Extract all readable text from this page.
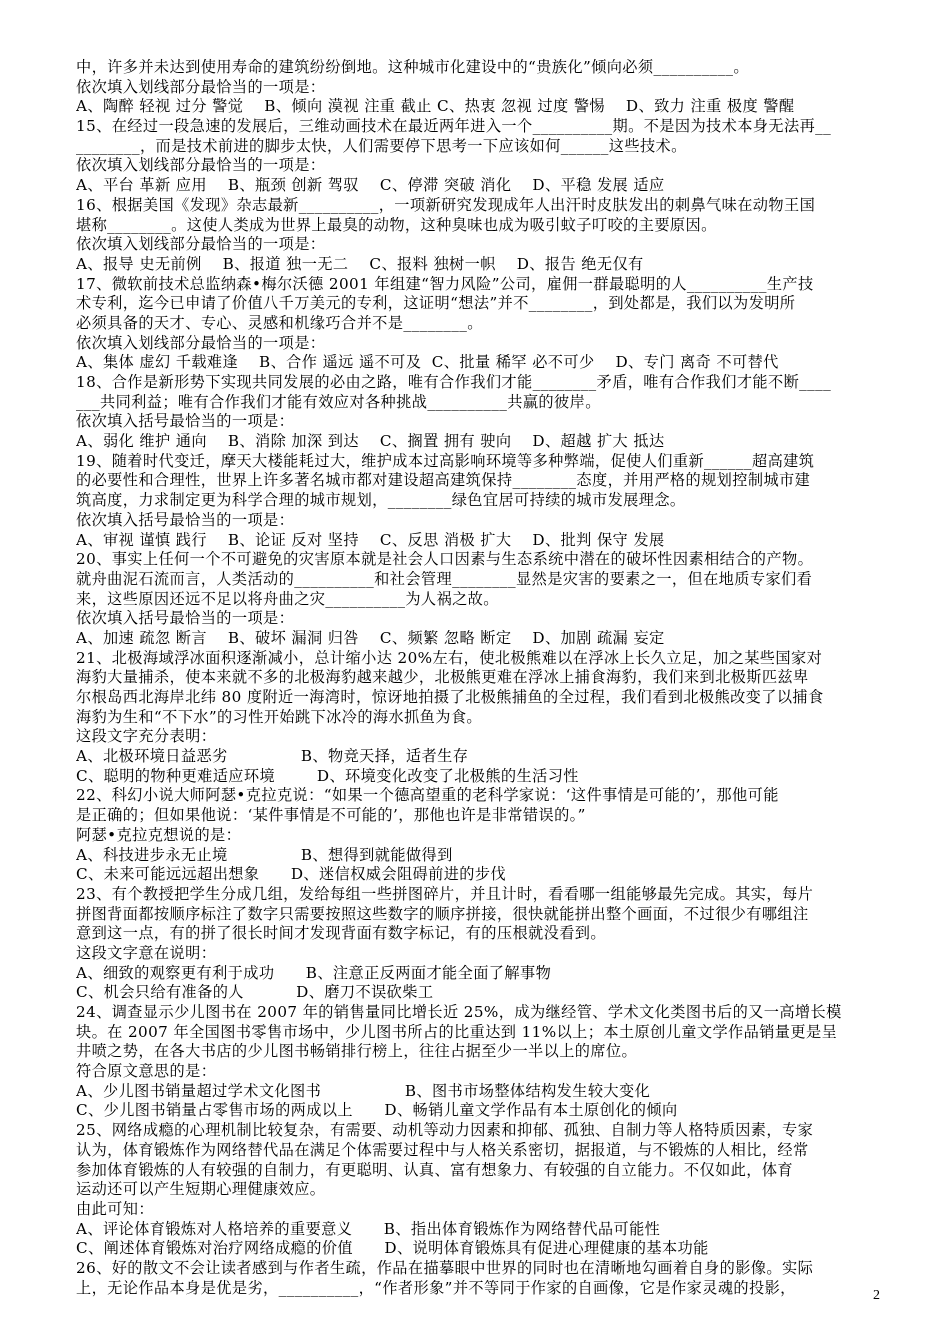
中，许多并未达到使用寿命的建筑纷纷倒地。这种城市化建设中的“贵族化”倾向必须__________。
依次填入划线部分最恰当的一项是：
A、陶醉 轻视 过分 警觉    B、倾向 漠视 注重 截止 C、热衷 忽视 过度 警惕    D、致力 注重 极度 警醒
15、在经过一段急速的发展后，三维动画技术在最近两年进入一个__________期。不是因为技术本身无法再__
________，而是技术前进的脚步太快，人们需要停下思考一下应该如何______这些技术。
依次填入划线部分最恰当的一项是：
A、平台 革新 应用    B、瓶颈 创新 驾驭    C、停滞 突破 消化    D、平稳 发展 适应
16、根据美国《发现》杂志最新__________，一项新研究发现成年人出汗时皮肤发出的刺鼻气味在动物王国
堪称________。这使人类成为世界上最臭的动物，这种臭味也成为吸引蚊子叮咬的主要原因。
依次填入划线部分最恰当的一项是：
A、报导 史无前例    B、报道 独一无二    C、报料 独树一帜    D、报告 绝无仅有
17、微软前技术总监纳森•梅尔沃德 2001 年组建“智力风险”公司，雇佣一群最聪明的人__________生产技
术专利，迄今已申请了价值八千万美元的专利，这证明“想法”并不________，到处都是，我们以为发明所
必须具备的天才、专心、灵感和机缘巧合并不是________。
依次填入划线部分最恰当的一项是：
A、集体 虚幻 千载难逢    B、合作 遥远 遥不可及  C、批量 稀罕 必不可少    D、专门 离奇 不可替代
18、合作是新形势下实现共同发展的必由之路，唯有合作我们才能________矛盾，唯有合作我们才能不断____
___共同利益；唯有合作我们才能有效应对各种挑战__________共赢的彼岸。
依次填入括号最恰当的一项是：
A、弱化 维护 通向    B、消除 加深 到达    C、搁置 拥有 驶向    D、超越 扩大 抵达
19、随着时代变迁，摩天大楼能耗过大，维护成本过高影响环境等多种弊端，促使人们重新______超高建筑
的必要性和合理性，世界上许多著名城市都对建设超高建筑保持________态度，并用严格的规划控制城市建
筑高度，力求制定更为科学合理的城市规划，________绿色宜居可持续的城市发展理念。
依次填入括号最恰当的一项是：
A、审视 谨慎 践行    B、论证 反对 坚持    C、反思 消极 扩大    D、批判 保守 发展
20、事实上任何一个不可避免的灾害原本就是社会人口因素与生态系统中潜在的破坏性因素相结合的产物。
就舟曲泥石流而言，人类活动的__________和社会管理________显然是灾害的要素之一，但在地质专家们看
来，这些原因还远不足以将舟曲之灾__________为人祸之故。
依次填入括号最恰当的一项是：
A、加速 疏忽 断言    B、破坏 漏洞 归咎    C、频繁 忽略 断定    D、加剧 疏漏 妄定
21、北极海域浮冰面积逐渐减小，总计缩小达 20%左右，使北极熊难以在浮冰上长久立足，加之某些国家对
海豹大量捕杀，使本来就不多的北极海豹越来越少，北极熊更难在浮冰上捕食海豹，我们来到北极斯匹兹卑
尔根岛西北海岸北纬 80 度附近一海湾时，惊讶地拍摄了北极熊捕鱼的全过程，我们看到北极熊改变了以捕食
海豹为生和“不下水”的习性开始跳下冰冷的海水抓鱼为食。
这段文字充分表明：
A、北极环境日益恶劣              B、物竞天择，适者生存
C、聪明的物种更难适应环境        D、环境变化改变了北极熊的生活习性
22、科幻小说大师阿瑟•克拉克说：“如果一个德高望重的老科学家说：‘这件事情是可能的’，那他可能
是正确的；但如果他说：‘某件事情是不可能的’，那他也许是非常错误的。”
阿瑟•克拉克想说的是：
A、科技进步永无止境              B、想得到就能做得到
C、未来可能远远超出想象      D、迷信权威会阻碍前进的步伐
23、有个教授把学生分成几组，发给每组一些拼图碎片，并且计时，看看哪一组能够最先完成。其实，每片
拼图背面都按顺序标注了数字只需要按照这些数字的顺序拼接，很快就能拼出整个画面，不过很少有哪组注
意到这一点，有的拼了很长时间才发现背面有数字标记，有的压根就没看到。
这段文字意在说明：
A、细致的观察更有利于成功      B、注意正反两面才能全面了解事物
C、机会只给有准备的人          D、磨刀不误砍柴工
24、调查显示少儿图书在 2007 年的销售量同比增长近 25%，成为继经管、学术文化类图书后的又一高增长模
块。在 2007 年全国图书零售市场中，少儿图书所占的比重达到 11%以上；本土原创儿童文学作品销量更是呈
井喷之势，在各大书店的少儿图书畅销排行榜上，往往占据至少一半以上的席位。
符合原文意思的是：
A、少儿图书销量超过学术文化图书                B、图书市场整体结构发生较大变化
C、少儿图书销量占零售市场的两成以上      D、畅销儿童文学作品有本土原创化的倾向
25、网络成瘾的心理机制比较复杂，有需要、动机等动力因素和抑郁、孤独、自制力等人格特质因素，专家
认为，体育锻炼作为网络替代品在满足个体需要过程中与人格关系密切，据报道，与不锻炼的人相比，经常
参加体育锻炼的人有较强的自制力，有更聪明、认真、富有想象力、有较强的自立能力。不仅如此，体育
运动还可以产生短期心理健康效应。
由此可知：
A、评论体育锻炼对人格培养的重要意义      B、指出体育锻炼作为网络替代品可能性
C、阐述体育锻炼对治疗网络成瘾的价值      D、说明体育锻炼具有促进心理健康的基本功能
26、好的散文不会让读者感到与作者生疏，作品在描摹眼中世界的同时也在清晰地勾画着自身的影像。实际
上，无论作品本身是优是劣，__________，“作者形象”并不等同于作家的自画像，它是作家灵魂的投影，	2
